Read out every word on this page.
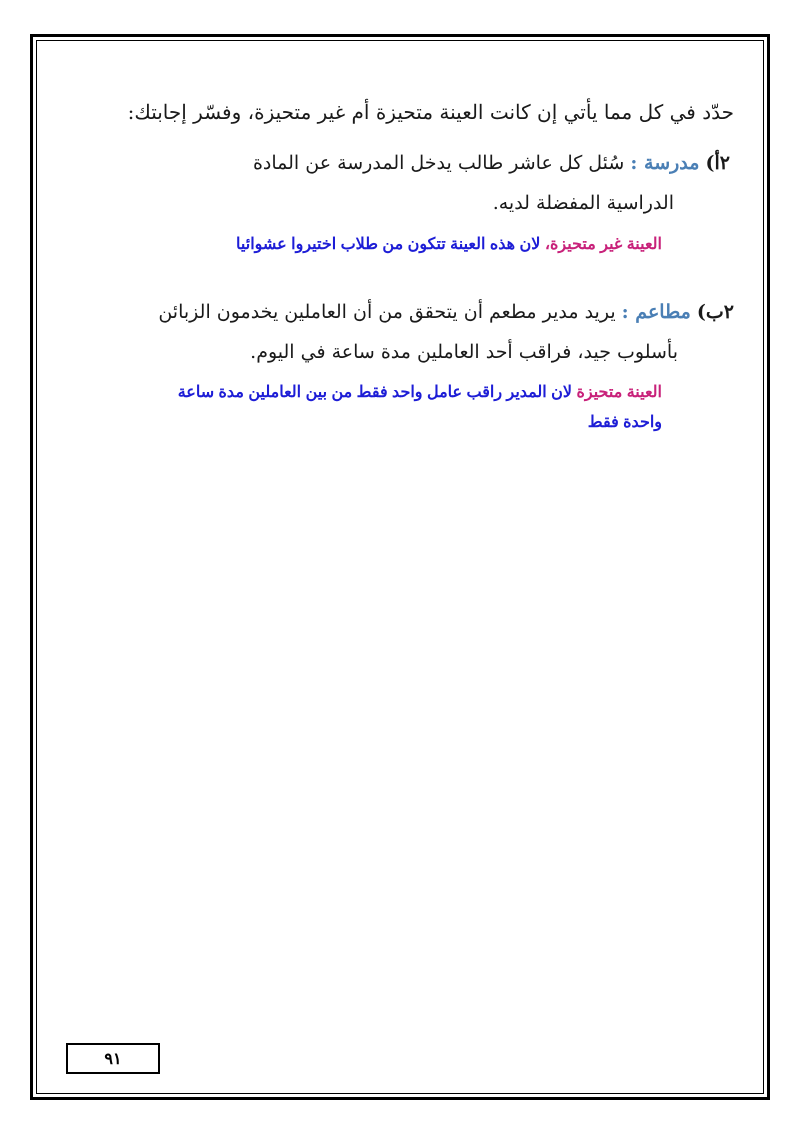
حدّد في كل مما يأتي إن كانت العينة متحيزة أم غير متحيزة، وفسّر إجابتك:
٢أ) مدرسة : سُئل كل عاشر طالب يدخل المدرسة عن المادة
الدراسية المفضلة لديه.
العينة غير متحيزة، لان هذه العينة تتكون من طلاب اختيروا عشوائيا
٢ب) مطاعم : يريد مدير مطعم أن يتحقق من أن العاملين يخدمون الزبائن
بأسلوب جيد، فراقب أحد العاملين مدة ساعة في اليوم.
العينة متحيزة لان المدير راقب عامل واحد فقط من بين العاملين مدة ساعة
واحدة فقط
٩١
